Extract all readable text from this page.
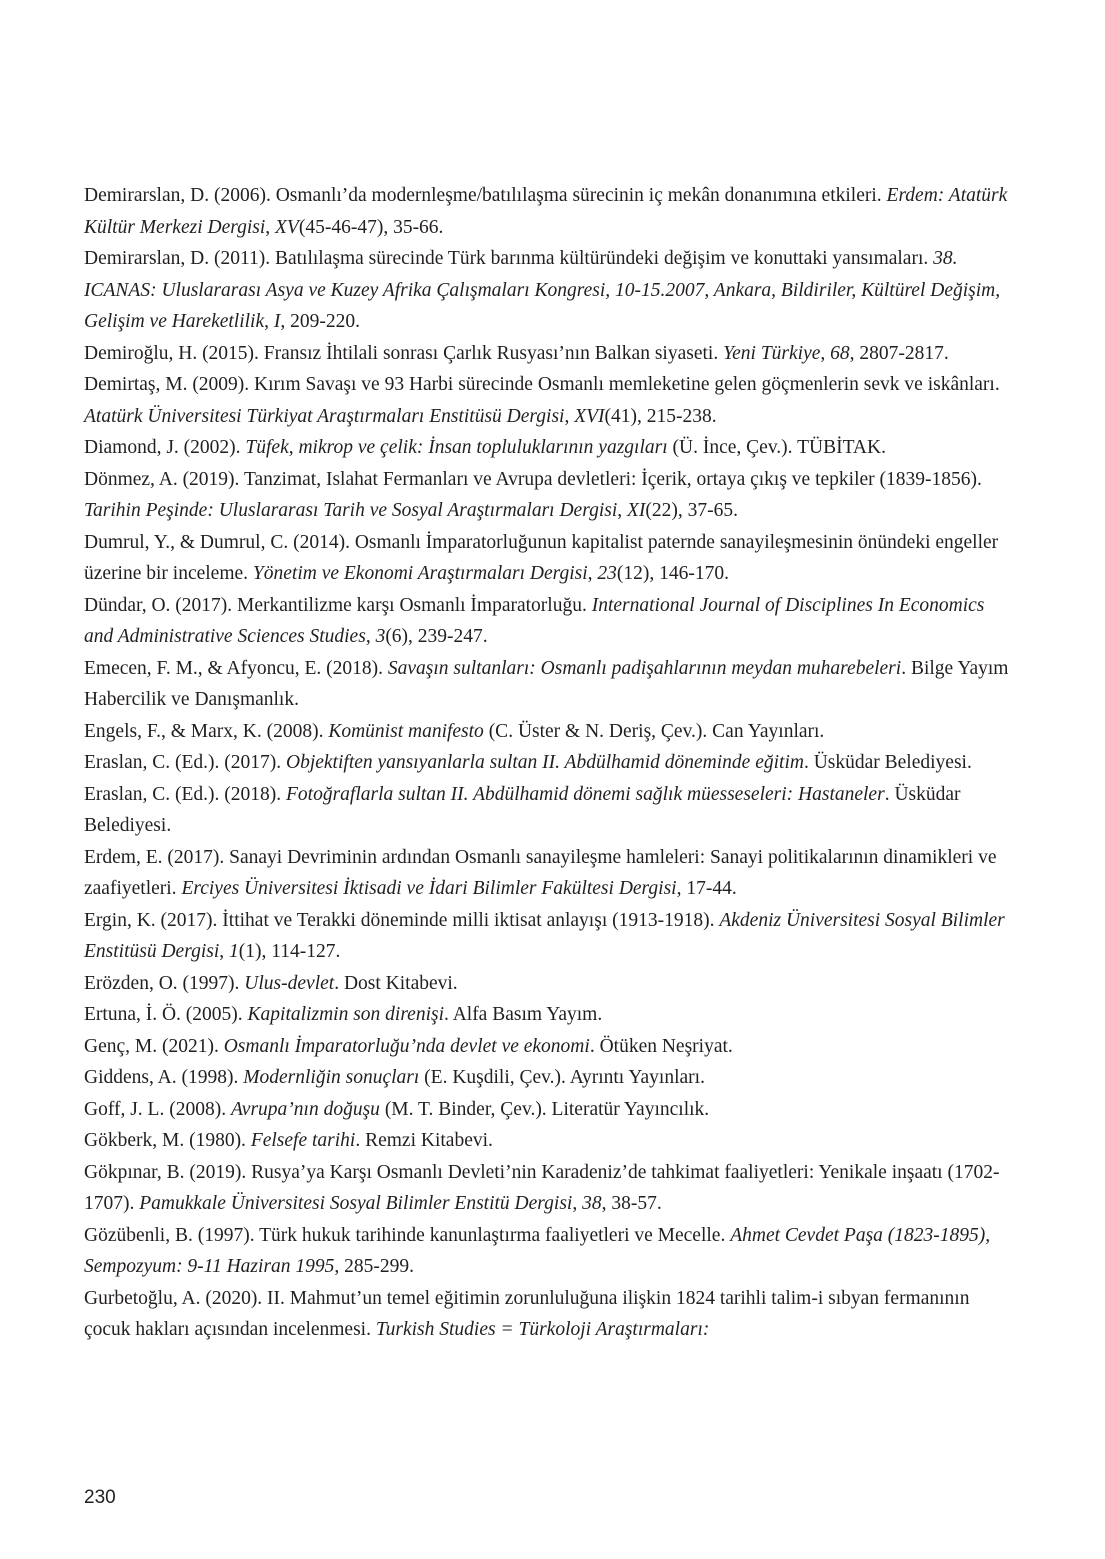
Demirarslan, D. (2006). Osmanlı’da modernleşme/batılılaşma sürecinin iç mekân donanımına etkileri. Erdem: Atatürk Kültür Merkezi Dergisi, XV(45-46-47), 35-66.

Demirarslan, D. (2011). Batılılaşma sürecinde Türk barınma kültüründeki değişim ve konuttaki yansımaları. 38. ICANAS: Uluslararası Asya ve Kuzey Afrika Çalışmaları Kongresi, 10-15.2007, Ankara, Bildiriler, Kültürel Değişim, Gelişim ve Hareketlilik, I, 209-220.

Demiroğlu, H. (2015). Fransız İhtilali sonrası Çarlık Rusyası’nın Balkan siyaseti. Yeni Türkiye, 68, 2807-2817.

Demirtaş, M. (2009). Kırım Savaşı ve 93 Harbi sürecinde Osmanlı memleketine gelen göçmenlerin sevk ve iskânları. Atatürk Üniversitesi Türkiyat Araştırmaları Enstitüsü Dergisi, XVI(41), 215-238.

Diamond, J. (2002). Tüfek, mikrop ve çelik: İnsan topluluklarının yazgıları (Ü. İnce, Çev.). TÜBİTAK.

Dönmez, A. (2019). Tanzimat, Islahat Fermanları ve Avrupa devletleri: İçerik, ortaya çıkış ve tepkiler (1839-1856). Tarihin Peşinde: Uluslararası Tarih ve Sosyal Araştırmaları Dergisi, XI(22), 37-65.

Dumrul, Y., & Dumrul, C. (2014). Osmanlı İmparatorluğunun kapitalist paternde sanayileşmesinin önündeki engeller üzerine bir inceleme. Yönetim ve Ekonomi Araştırmaları Dergisi, 23(12), 146-170.

Dündar, O. (2017). Merkantilizme karşı Osmanlı İmparatorluğu. International Journal of Disciplines In Economics and Administrative Sciences Studies, 3(6), 239-247.

Emecen, F. M., & Afyoncu, E. (2018). Savaşın sultanları: Osmanlı padişahlarının meydan muharebeleri. Bilge Yayım Habercilik ve Danışmanlık.

Engels, F., & Marx, K. (2008). Komünist manifesto (C. Üster & N. Deriş, Çev.). Can Yayınları.

Eraslan, C. (Ed.). (2017). Objektiften yansıyanlarla sultan II. Abdülhamid döneminde eğitim. Üsküdar Belediyesi.

Eraslan, C. (Ed.). (2018). Fotoğraflarla sultan II. Abdülhamid dönemi sağlık müesseseleri: Hastaneler. Üsküdar Belediyesi.

Erdem, E. (2017). Sanayi Devriminin ardından Osmanlı sanayileşme hamleleri: Sanayi politikalarının dinamikleri ve zaafiyetleri. Erciyes Üniversitesi İktisadi ve İdari Bilimler Fakültesi Dergisi, 17-44.

Ergin, K. (2017). İttihat ve Terakki döneminde milli iktisat anlayışı (1913-1918). Akdeniz Üniversitesi Sosyal Bilimler Enstitüsü Dergisi, 1(1), 114-127.

Erözden, O. (1997). Ulus-devlet. Dost Kitabevi.

Ertuna, İ. Ö. (2005). Kapitalizmin son direnişi. Alfa Basım Yayım.

Genç, M. (2021). Osmanlı İmparatorluğu’nda devlet ve ekonomi. Ötüken Neşriyat.

Giddens, A. (1998). Modernliğin sonuçları (E. Kuşdili, Çev.). Ayrıntı Yayınları.

Goff, J. L. (2008). Avrupa’nın doğuşu (M. T. Binder, Çev.). Literatür Yayıncılık.

Gökberk, M. (1980). Felsefe tarihi. Remzi Kitabevi.

Gökpınar, B. (2019). Rusya’ya Karşı Osmanlı Devleti’nin Karadeniz’de tahkimat faaliyetleri: Yenikale inşaatı (1702-1707). Pamukkale Üniversitesi Sosyal Bilimler Enstitü Dergisi, 38, 38-57.

Gözübenli, B. (1997). Türk hukuk tarihinde kanunlaştırma faaliyetleri ve Mecelle. Ahmet Cevdet Paşa (1823-1895), Sempozyum: 9-11 Haziran 1995, 285-299.

Gurbetoğlu, A. (2020). II. Mahmut’un temel eğitimin zorunluluğuna ilişkin 1824 tarihli talim-i sıbyan fermanının çocuk hakları açısından incelenmesi. Turkish Studies = Türkoloji Araştırmaları:

230
